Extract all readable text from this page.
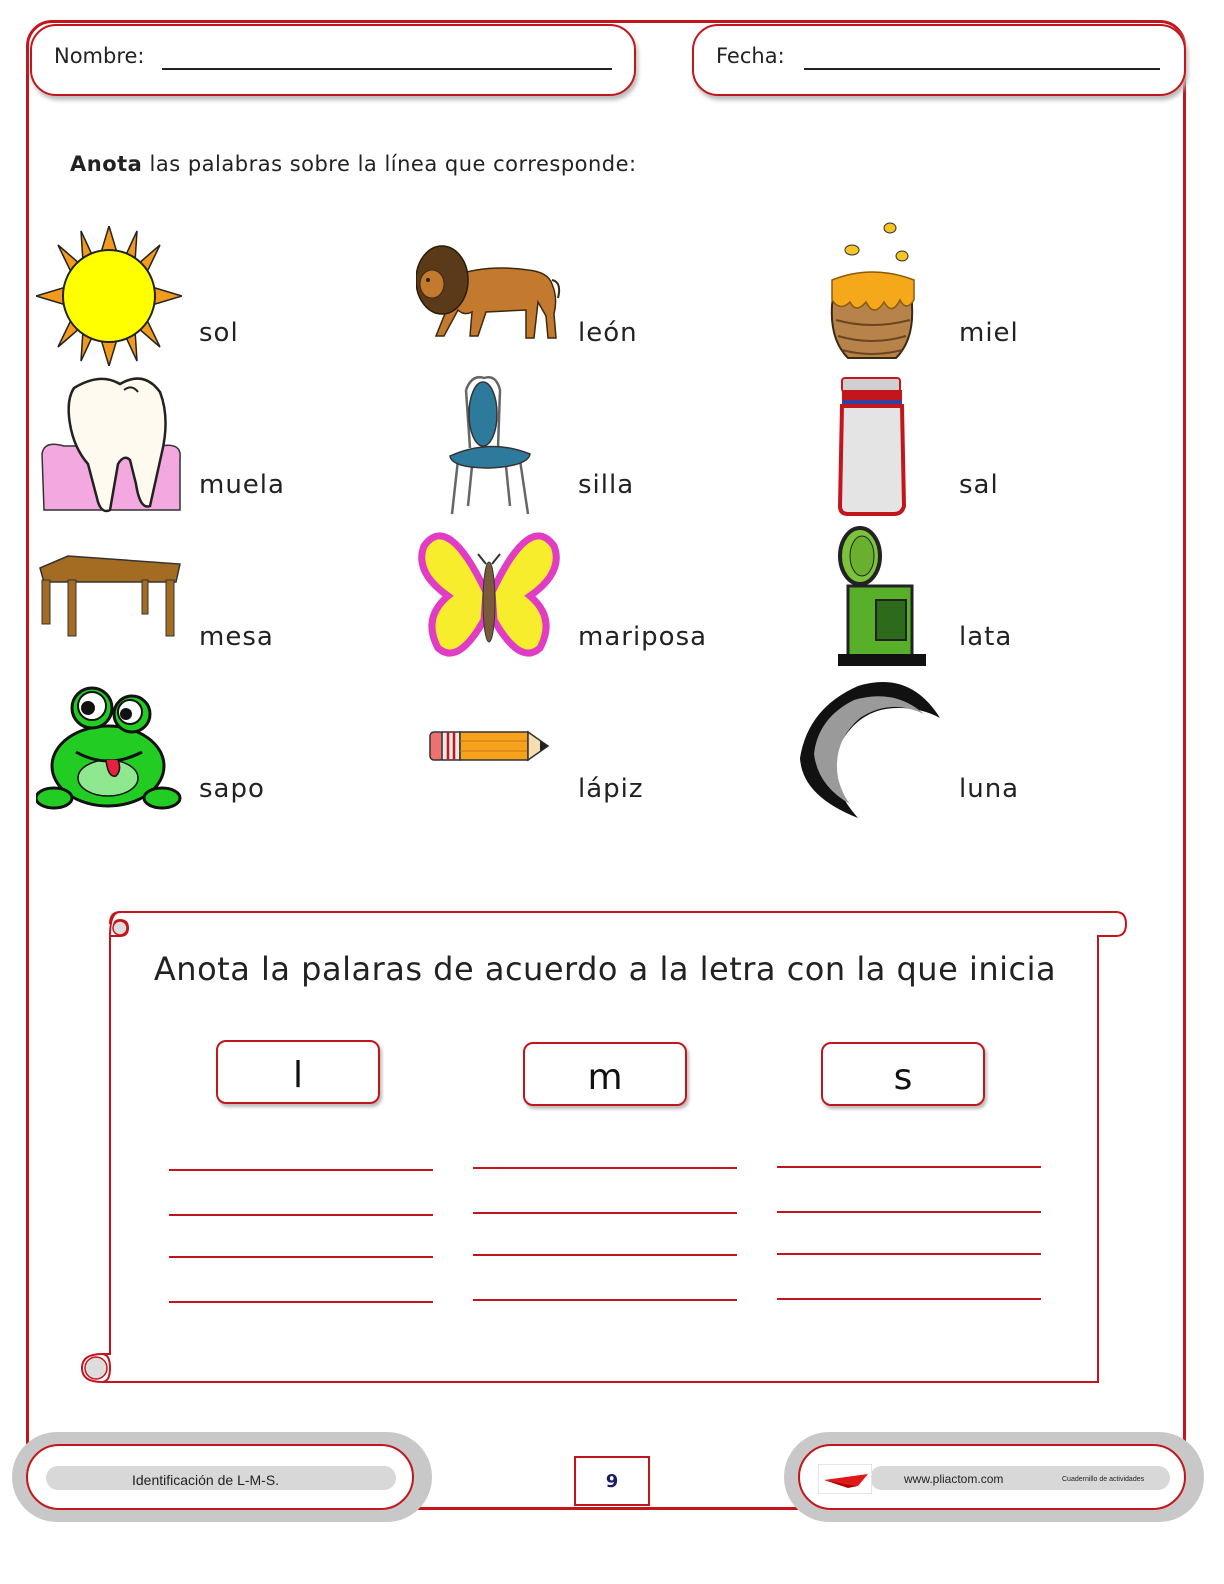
Nombre:	Fecha:
Anota las palabras sobre la línea que corresponde:
sol	león	miel
muela	silla	sal
mesa	mariposa	lata
sapo	lápiz	luna
Anota la palaras de acuerdo a la letra con la que inicia
l	m	s
Identificación de L-M-S.	9	www.pliactom.com	Cuadernillo de actividades
